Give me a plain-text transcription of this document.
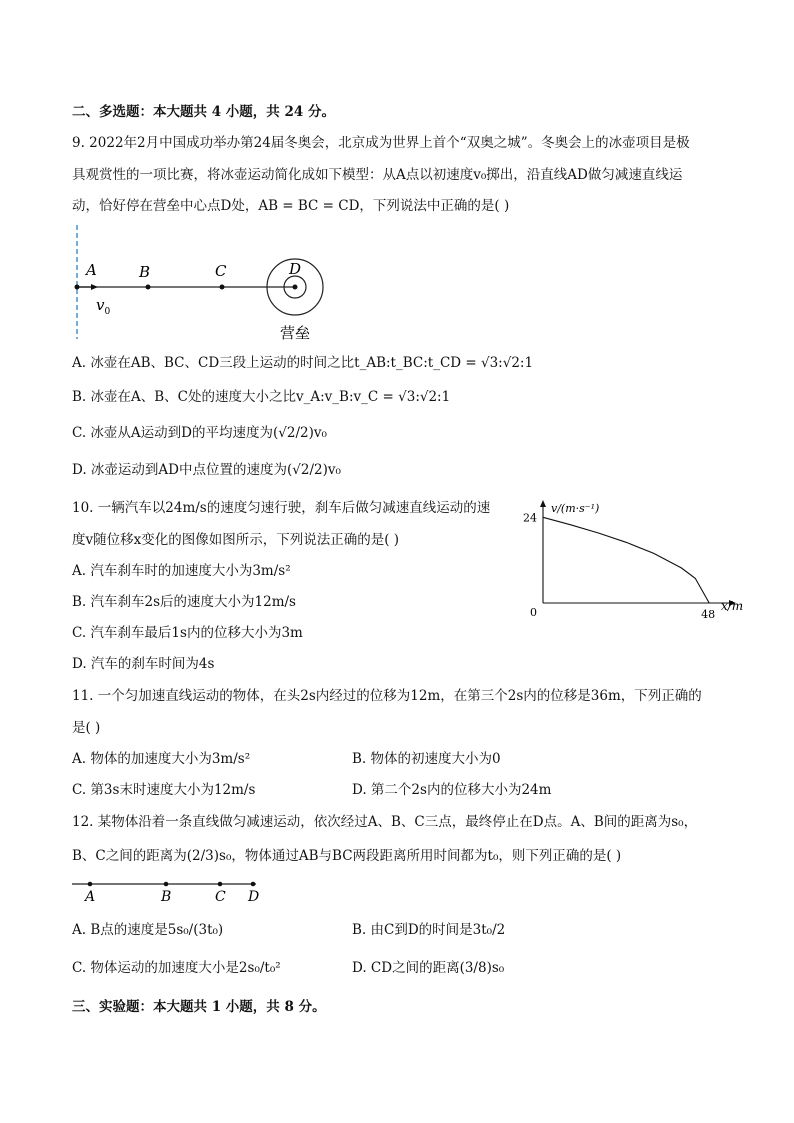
二、多选题：本大题共 4 小题，共 24 分。
9. 2022年2月中国成功举办第24届冬奥会，北京成为世界上首个“双奥之城”。冬奥会上的冰壶项目是极
具观赏性的一项比赛，将冰壶运动简化成如下模型：从A点以初速度v₀掷出，沿直线AD做匀减速直线运
动，恰好停在营垒中心点D处，AB = BC = CD，下列说法中正确的是( )
A	B	C	D
$v_0$
营垒
A. 冰壶在AB、BC、CD三段上运动的时间之比t_AB:t_BC:t_CD = √3:√2:1
B. 冰壶在A、B、C处的速度大小之比v_A:v_B:v_C = √3:√2:1
C. 冰壶从A运动到D的平均速度为(√2/2)v₀
D. 冰壶运动到AD中点位置的速度为(√2/2)v₀
10. 一辆汽车以24m/s的速度匀速行驶，刹车后做匀减速直线运动的速
度v随位移x变化的图像如图所示，下列说法正确的是( )
A. 汽车刹车时的加速度大小为3m/s²
B. 汽车刹车2s后的速度大小为12m/s
C. 汽车刹车最后1s内的位移大小为3m
D. 汽车的刹车时间为4s
v/(m·s⁻¹)
x/m
0	48
24
11. 一个匀加速直线运动的物体，在头2s内经过的位移为12m，在第三个2s内的位移是36m，下列正确的
是( )
A. 物体的加速度大小为3m/s²	B. 物体的初速度大小为0
C. 第3s末时速度大小为12m/s	D. 第二个2s内的位移大小为24m
12. 某物体沿着一条直线做匀减速运动，依次经过A、B、C三点，最终停止在D点。A、B间的距离为s₀，
B、C之间的距离为(2/3)s₀，物体通过AB与BC两段距离所用时间都为t₀，则下列正确的是( )
A	B	C D
A. B点的速度是5s₀/(3t₀)	B. 由C到D的时间是3t₀/2
C. 物体运动的加速度大小是2s₀/t₀²	D. CD之间的距离(3/8)s₀
三、实验题：本大题共 1 小题，共 8 分。
